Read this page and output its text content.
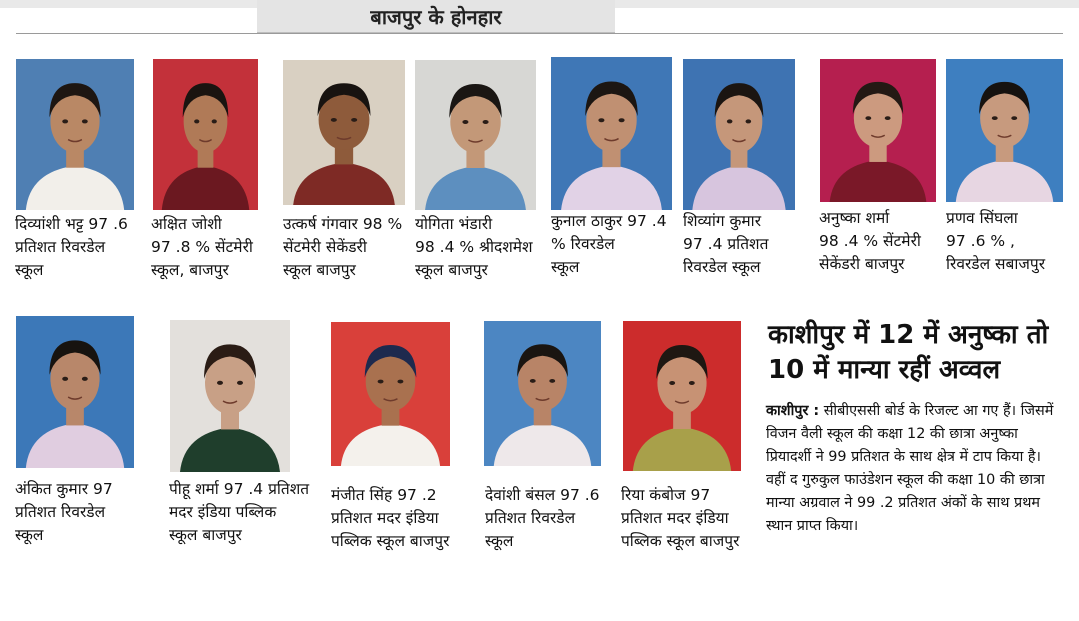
बाजपुर के होनहार
दिव्यांशी भट्ट 97 .6
प्रतिशत रिवरडेल
स्कूल
अक्षित जोशी
97 .8 % सेंटमेरी
स्कूल, बाजपुर
उत्कर्ष गंगवार 98 %
सेंटमेरी सेकेंडरी
स्कूल बाजपुर
योगिता भंडारी
98 .4 % श्रीदशमेश
स्कूल बाजपुर
कुनाल ठाकुर 97 .4
% रिवरडेल
स्कूल
शिव्यांग कुमार
97 .4 प्रतिशत
रिवरडेल स्कूल
अनुष्का शर्मा
98 .4 % सेंटमेरी
सेकेंडरी बाजपुर
प्रणव सिंघला
97 .6 % ,
रिवरडेल सबाजपुर
अंकित कुमार 97
प्रतिशत रिवरडेल
स्कूल
पीहू शर्मा 97 .4 प्रतिशत
मदर इंडिया पब्लिक
स्कूल बाजपुर
मंजीत सिंह 97 .2
प्रतिशत मदर इंडिया
पब्लिक स्कूल बाजपुर
देवांशी बंसल 97 .6
प्रतिशत रिवरडेल
स्कूल
रिया कंबोज 97
प्रतिशत मदर इंडिया
पब्लिक स्कूल बाजपुर
काशीपुर में 12 में अनुष्का तो
10 में मान्या रहीं अव्वल
काशीपुर : सीबीएससी बोर्ड के रिजल्ट आ गए हैं। जिसमें विजन वैली स्कूल की कक्षा 12 की छात्रा अनुष्का प्रियादर्शी ने 99 प्रतिशत के साथ क्षेत्र में टाप किया है। वहीं द गुरुकुल फाउंडेशन स्कूल की कक्षा 10 की छात्रा मान्या अग्रवाल ने 99 .2 प्रतिशत अंकों के साथ प्रथम स्थान प्राप्त किया।
